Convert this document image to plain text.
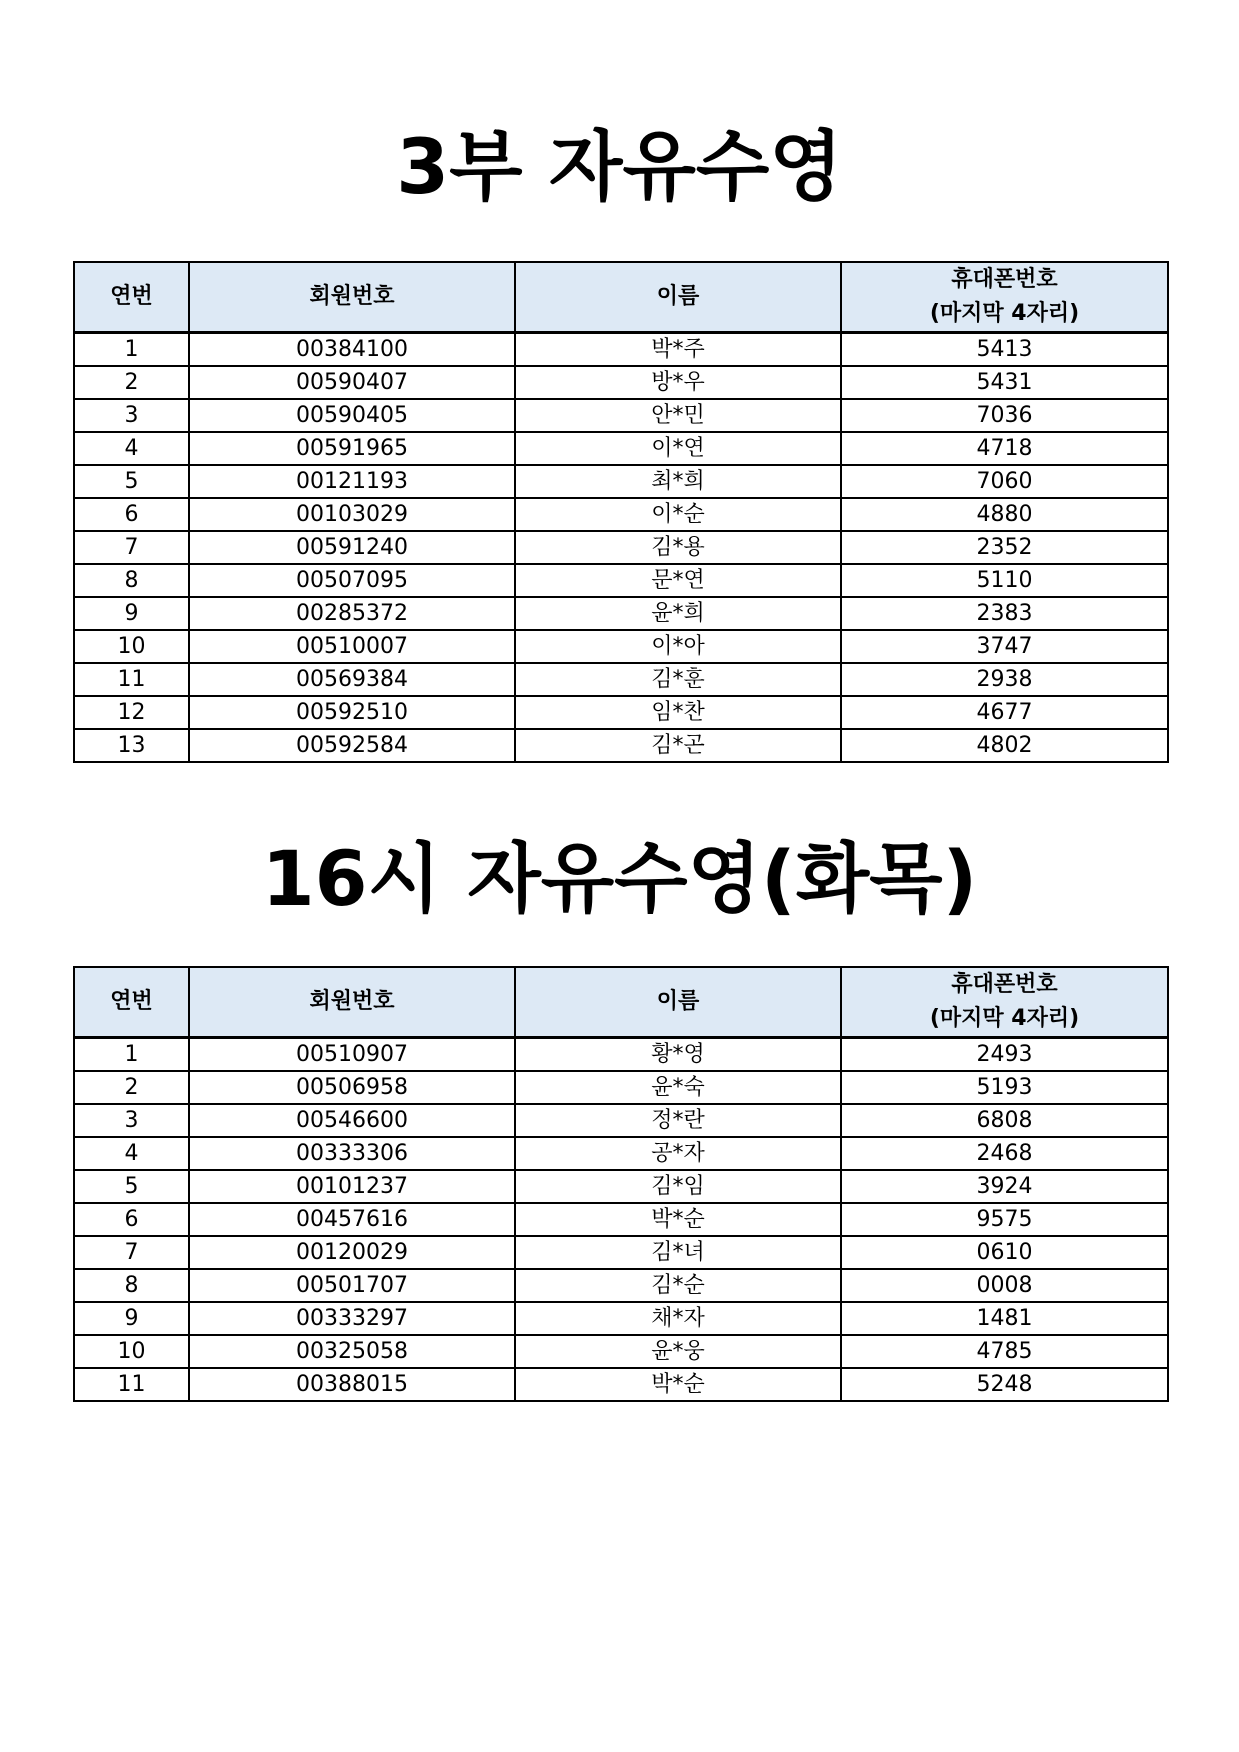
3부 자유수영
연번	회원번호	이름	휴대폰번호
(마지막 4자리)

1	00384100	박*주	5413
2	00590407	방*우	5431
3	00590405	안*민	7036
4	00591965	이*연	4718
5	00121193	최*희	7060
6	00103029	이*순	4880
7	00591240	김*용	2352
8	00507095	문*연	5110
9	00285372	윤*희	2383
10	00510007	이*아	3747
11	00569384	김*훈	2938
12	00592510	임*찬	4677
13	00592584	김*곤	4802
16시 자유수영(화목)
연번	회원번호	이름	휴대폰번호
(마지막 4자리)

1	00510907	황*영	2493
2	00506958	윤*숙	5193
3	00546600	정*란	6808
4	00333306	공*자	2468
5	00101237	김*임	3924
6	00457616	박*순	9575
7	00120029	김*녀	0610
8	00501707	김*순	0008
9	00333297	채*자	1481
10	00325058	윤*웅	4785
11	00388015	박*순	5248
